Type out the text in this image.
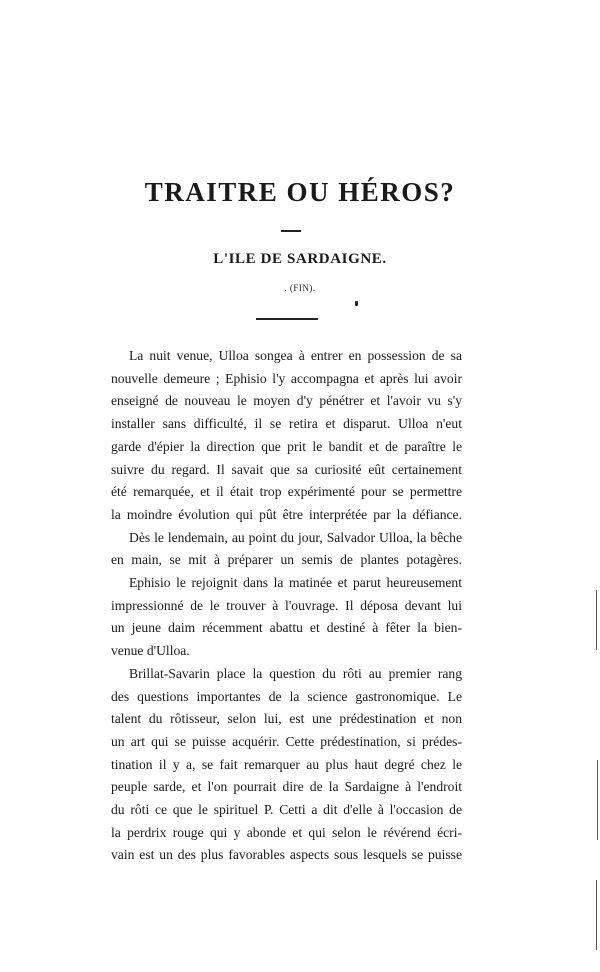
TRAITRE OU HÉROS?
L'ILE DE SARDAIGNE.
. (FIN).

La nuit venue, Ulloa songea à entrer en possession de sa

nouvelle demeure ; Ephisio l'y accompagna et après lui avoir

enseigné de nouveau le moyen d'y pénétrer et l'avoir vu s'y

installer sans difficulté, il se retira et disparut. Ulloa n'eut

garde d'épier la direction que prit le bandit et de paraître le

suivre du regard. Il savait que sa curiosité eût certainement

été remarquée, et il était trop expérimenté pour se permettre

la moindre évolution qui pût être interprétée par la défiance.

Dès le lendemain, au point du jour, Salvador Ulloa, la bêche

en main, se mit à préparer un semis de plantes potagères.

Ephisio le rejoignit dans la matinée et parut heureusement

impressionné de le trouver à l'ouvrage. Il déposa devant lui

un jeune daim récemment abattu et destiné à fêter la bien-

venue d'Ulloa.

Brillat-Savarin place la question du rôti au premier rang

des questions importantes de la science gastronomique. Le

talent du rôtisseur, selon lui, est une prédestination et non

un art qui se puisse acquérir. Cette prédestination, si prédes-

tination il y a, se fait remarquer au plus haut degré chez le

peuple sarde, et l'on pourrait dire de la Sardaigne à l'endroit

du rôti ce que le spirituel P. Cetti a dit d'elle à l'occasion de

la perdrix rouge qui y abonde et qui selon le révérend écri-

vain est un des plus favorables aspects sous lesquels se puisse
